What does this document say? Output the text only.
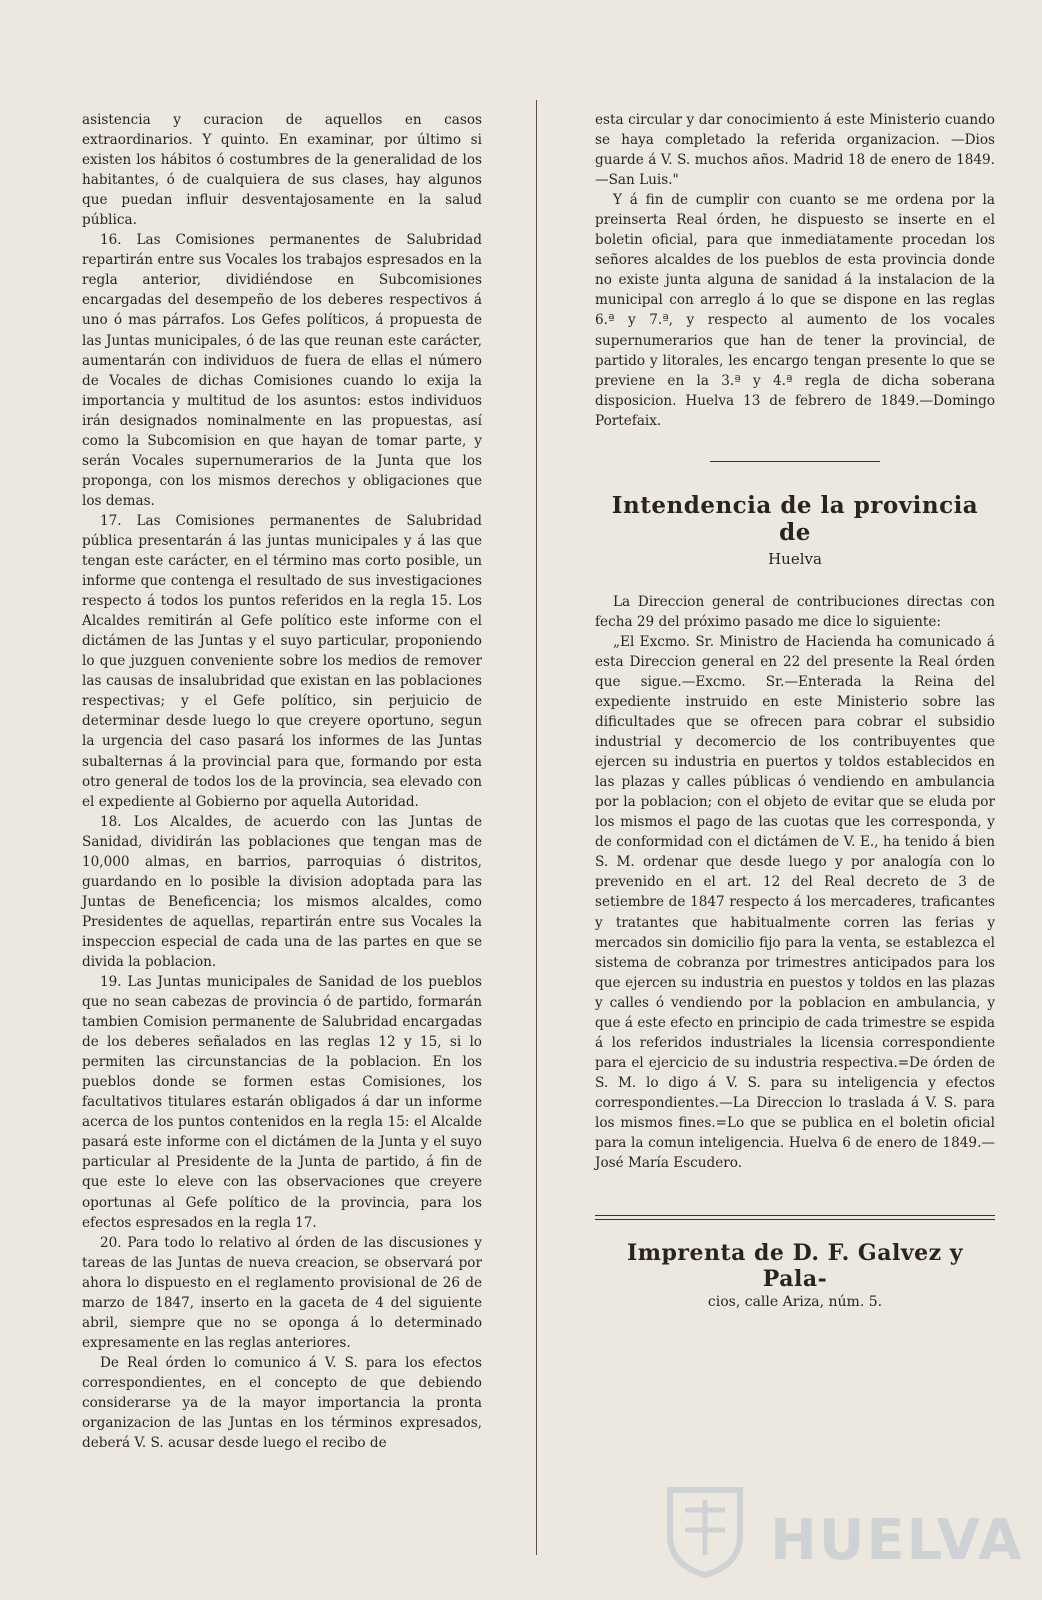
asistencia y curacion de aquellos en casos extraordinarios. Y quinto. En examinar, por último si existen los hábitos ó costumbres de la generalidad de los habitantes, ó de cualquiera de sus clases, hay algunos que puedan influir desventajosamente en la salud pública.

16. Las Comisiones permanentes de Salubridad repartirán entre sus Vocales los trabajos espresados en la regla anterior, dividiéndose en Subcomisiones encargadas del desempeño de los deberes respectivos á uno ó mas párrafos. Los Gefes políticos, á propuesta de las Juntas municipales, ó de las que reunan este carácter, aumentarán con individuos de fuera de ellas el número de Vocales de dichas Comisiones cuando lo exija la importancia y multitud de los asuntos: estos individuos irán designados nominalmente en las propuestas, así como la Subcomision en que hayan de tomar parte, y serán Vocales supernumerarios de la Junta que los proponga, con los mismos derechos y obligaciones que los demas.

17. Las Comisiones permanentes de Salubridad pública presentarán á las juntas municipales y á las que tengan este carácter, en el término mas corto posible, un informe que contenga el resultado de sus investigaciones respecto á todos los puntos referidos en la regla 15. Los Alcaldes remitirán al Gefe político este informe con el dictámen de las Juntas y el suyo particular, proponiendo lo que juzguen conveniente sobre los medios de remover las causas de insalubridad que existan en las poblaciones respectivas; y el Gefe político, sin perjuicio de determinar desde luego lo que creyere oportuno, segun la urgencia del caso pasará los informes de las Juntas subalternas á la provincial para que, formando por esta otro general de todos los de la provincia, sea elevado con el expediente al Gobierno por aquella Autoridad.

18. Los Alcaldes, de acuerdo con las Juntas de Sanidad, dividirán las poblaciones que tengan mas de 10,000 almas, en barrios, parroquias ó distritos, guardando en lo posible la division adoptada para las Juntas de Beneficencia; los mismos alcaldes, como Presidentes de aquellas, repartirán entre sus Vocales la inspeccion especial de cada una de las partes en que se divida la poblacion.

19. Las Juntas municipales de Sanidad de los pueblos que no sean cabezas de provincia ó de partido, formarán tambien Comision permanente de Salubridad encargadas de los deberes señalados en las reglas 12 y 15, si lo permiten las circunstancias de la poblacion. En los pueblos donde se formen estas Comisiones, los facultativos titulares estarán obligados á dar un informe acerca de los puntos contenidos en la regla 15: el Alcalde pasará este informe con el dictámen de la Junta y el suyo particular al Presidente de la Junta de partido, á fin de que este lo eleve con las observaciones que creyere oportunas al Gefe político de la provincia, para los efectos espresados en la regla 17.

20. Para todo lo relativo al órden de las discusiones y tareas de las Juntas de nueva creacion, se observará por ahora lo dispuesto en el reglamento provisional de 26 de marzo de 1847, inserto en la gaceta de 4 del siguiente abril, siempre que no se oponga á lo determinado expresamente en las reglas anteriores.

De Real órden lo comunico á V. S. para los efectos correspondientes, en el concepto de que debiendo considerarse ya de la mayor importancia la pronta organizacion de las Juntas en los términos expresados, deberá V. S. acusar desde luego el recibo de

esta circular y dar conocimiento á este Ministerio cuando se haya completado la referida organizacion. —Dios guarde á V. S. muchos años. Madrid 18 de enero de 1849.—San Luis."

Y á fin de cumplir con cuanto se me ordena por la preinserta Real órden, he dispuesto se inserte en el boletin oficial, para que inmediatamente procedan los señores alcaldes de los pueblos de esta provincia donde no existe junta alguna de sanidad á la instalacion de la municipal con arreglo á lo que se dispone en las reglas 6.ª y 7.ª, y respecto al aumento de los vocales supernumerarios que han de tener la provincial, de partido y litorales, les encargo tengan presente lo que se previene en la 3.ª y 4.ª regla de dicha soberana disposicion. Huelva 13 de febrero de 1849.—Domingo Portefaix.

Intendencia de la provincia de
Huelva

La Direccion general de contribuciones directas con fecha 29 del próximo pasado me dice lo siguiente:

„El Excmo. Sr. Ministro de Hacienda ha comunicado á esta Direccion general en 22 del presente la Real órden que sigue.—Excmo. Sr.—Enterada la Reina del expediente instruido en este Ministerio sobre las dificultades que se ofrecen para cobrar el subsidio industrial y decomercio de los contribuyentes que ejercen su industria en puertos y toldos establecidos en las plazas y calles públicas ó vendiendo en ambulancia por la poblacion; con el objeto de evitar que se eluda por los mismos el pago de las cuotas que les corresponda, y de conformidad con el dictámen de V. E., ha tenido á bien S. M. ordenar que desde luego y por analogía con lo prevenido en el art. 12 del Real decreto de 3 de setiembre de 1847 respecto á los mercaderes, traficantes y tratantes que habitualmente corren las ferias y mercados sin domicilio fijo para la venta, se establezca el sistema de cobranza por trimestres anticipados para los que ejercen su industria en puestos y toldos en las plazas y calles ó vendiendo por la poblacion en ambulancia, y que á este efecto en principio de cada trimestre se espida á los referidos industriales la licensia correspondiente para el ejercicio de su industria respectiva.=De órden de S. M. lo digo á V. S. para su inteligencia y efectos correspondientes.—La Direccion lo traslada á V. S. para los mismos fines.=Lo que se publica en el boletin oficial para la comun inteligencia. Huelva 6 de enero de 1849.—José María Escudero.

Imprenta de D. F. Galvez y Pala-
cios, calle Ariza, núm. 5.
HUELVA
